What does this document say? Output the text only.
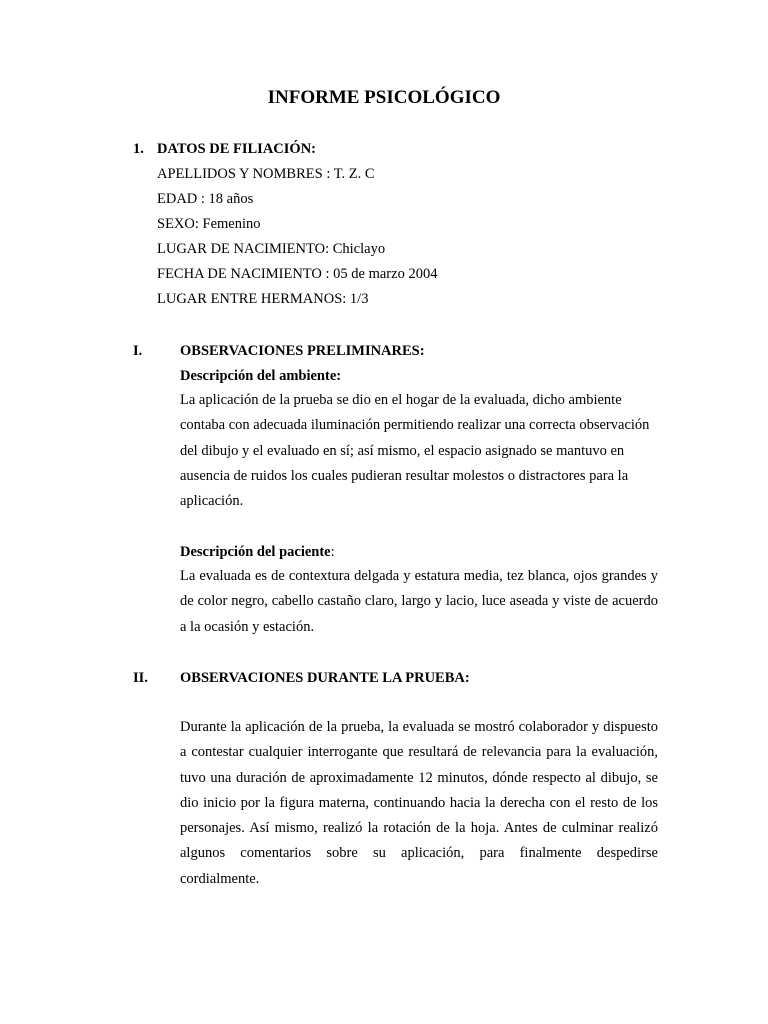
INFORME PSICOLÓGICO
1. DATOS DE FILIACIÓN:
APELLIDOS Y NOMBRES : T. Z. C
EDAD : 18 años
SEXO: Femenino
LUGAR DE NACIMIENTO: Chiclayo
FECHA DE NACIMIENTO : 05 de marzo 2004
LUGAR ENTRE HERMANOS: 1/3
I.	OBSERVACIONES PRELIMINARES:
Descripción del ambiente:

La aplicación de la prueba se dio en el hogar de la evaluada, dicho ambiente contaba con adecuada iluminación permitiendo realizar una correcta observación del dibujo y el evaluado en sí; así mismo, el espacio asignado se mantuvo en ausencia de ruidos los cuales pudieran resultar molestos o distractores para la aplicación.

Descripción del paciente:

La evaluada es de contextura delgada y estatura media, tez blanca, ojos grandes y de color negro, cabello castaño claro, largo y lacio, luce aseada y viste de acuerdo a la ocasión y estación.

II. OBSERVACIONES DURANTE LA PRUEBA:

Durante la aplicación de la prueba, la evaluada se mostró colaborador y dispuesto a contestar cualquier interrogante que resultará de relevancia para la evaluación, tuvo una duración de aproximadamente 12 minutos, dónde respecto al dibujo, se dio inicio por la figura materna, continuando hacia la derecha con el resto de los personajes. Así mismo, realizó la rotación de la hoja. Antes de culminar realizó algunos comentarios sobre su aplicación, para finalmente despedirse cordialmente.
